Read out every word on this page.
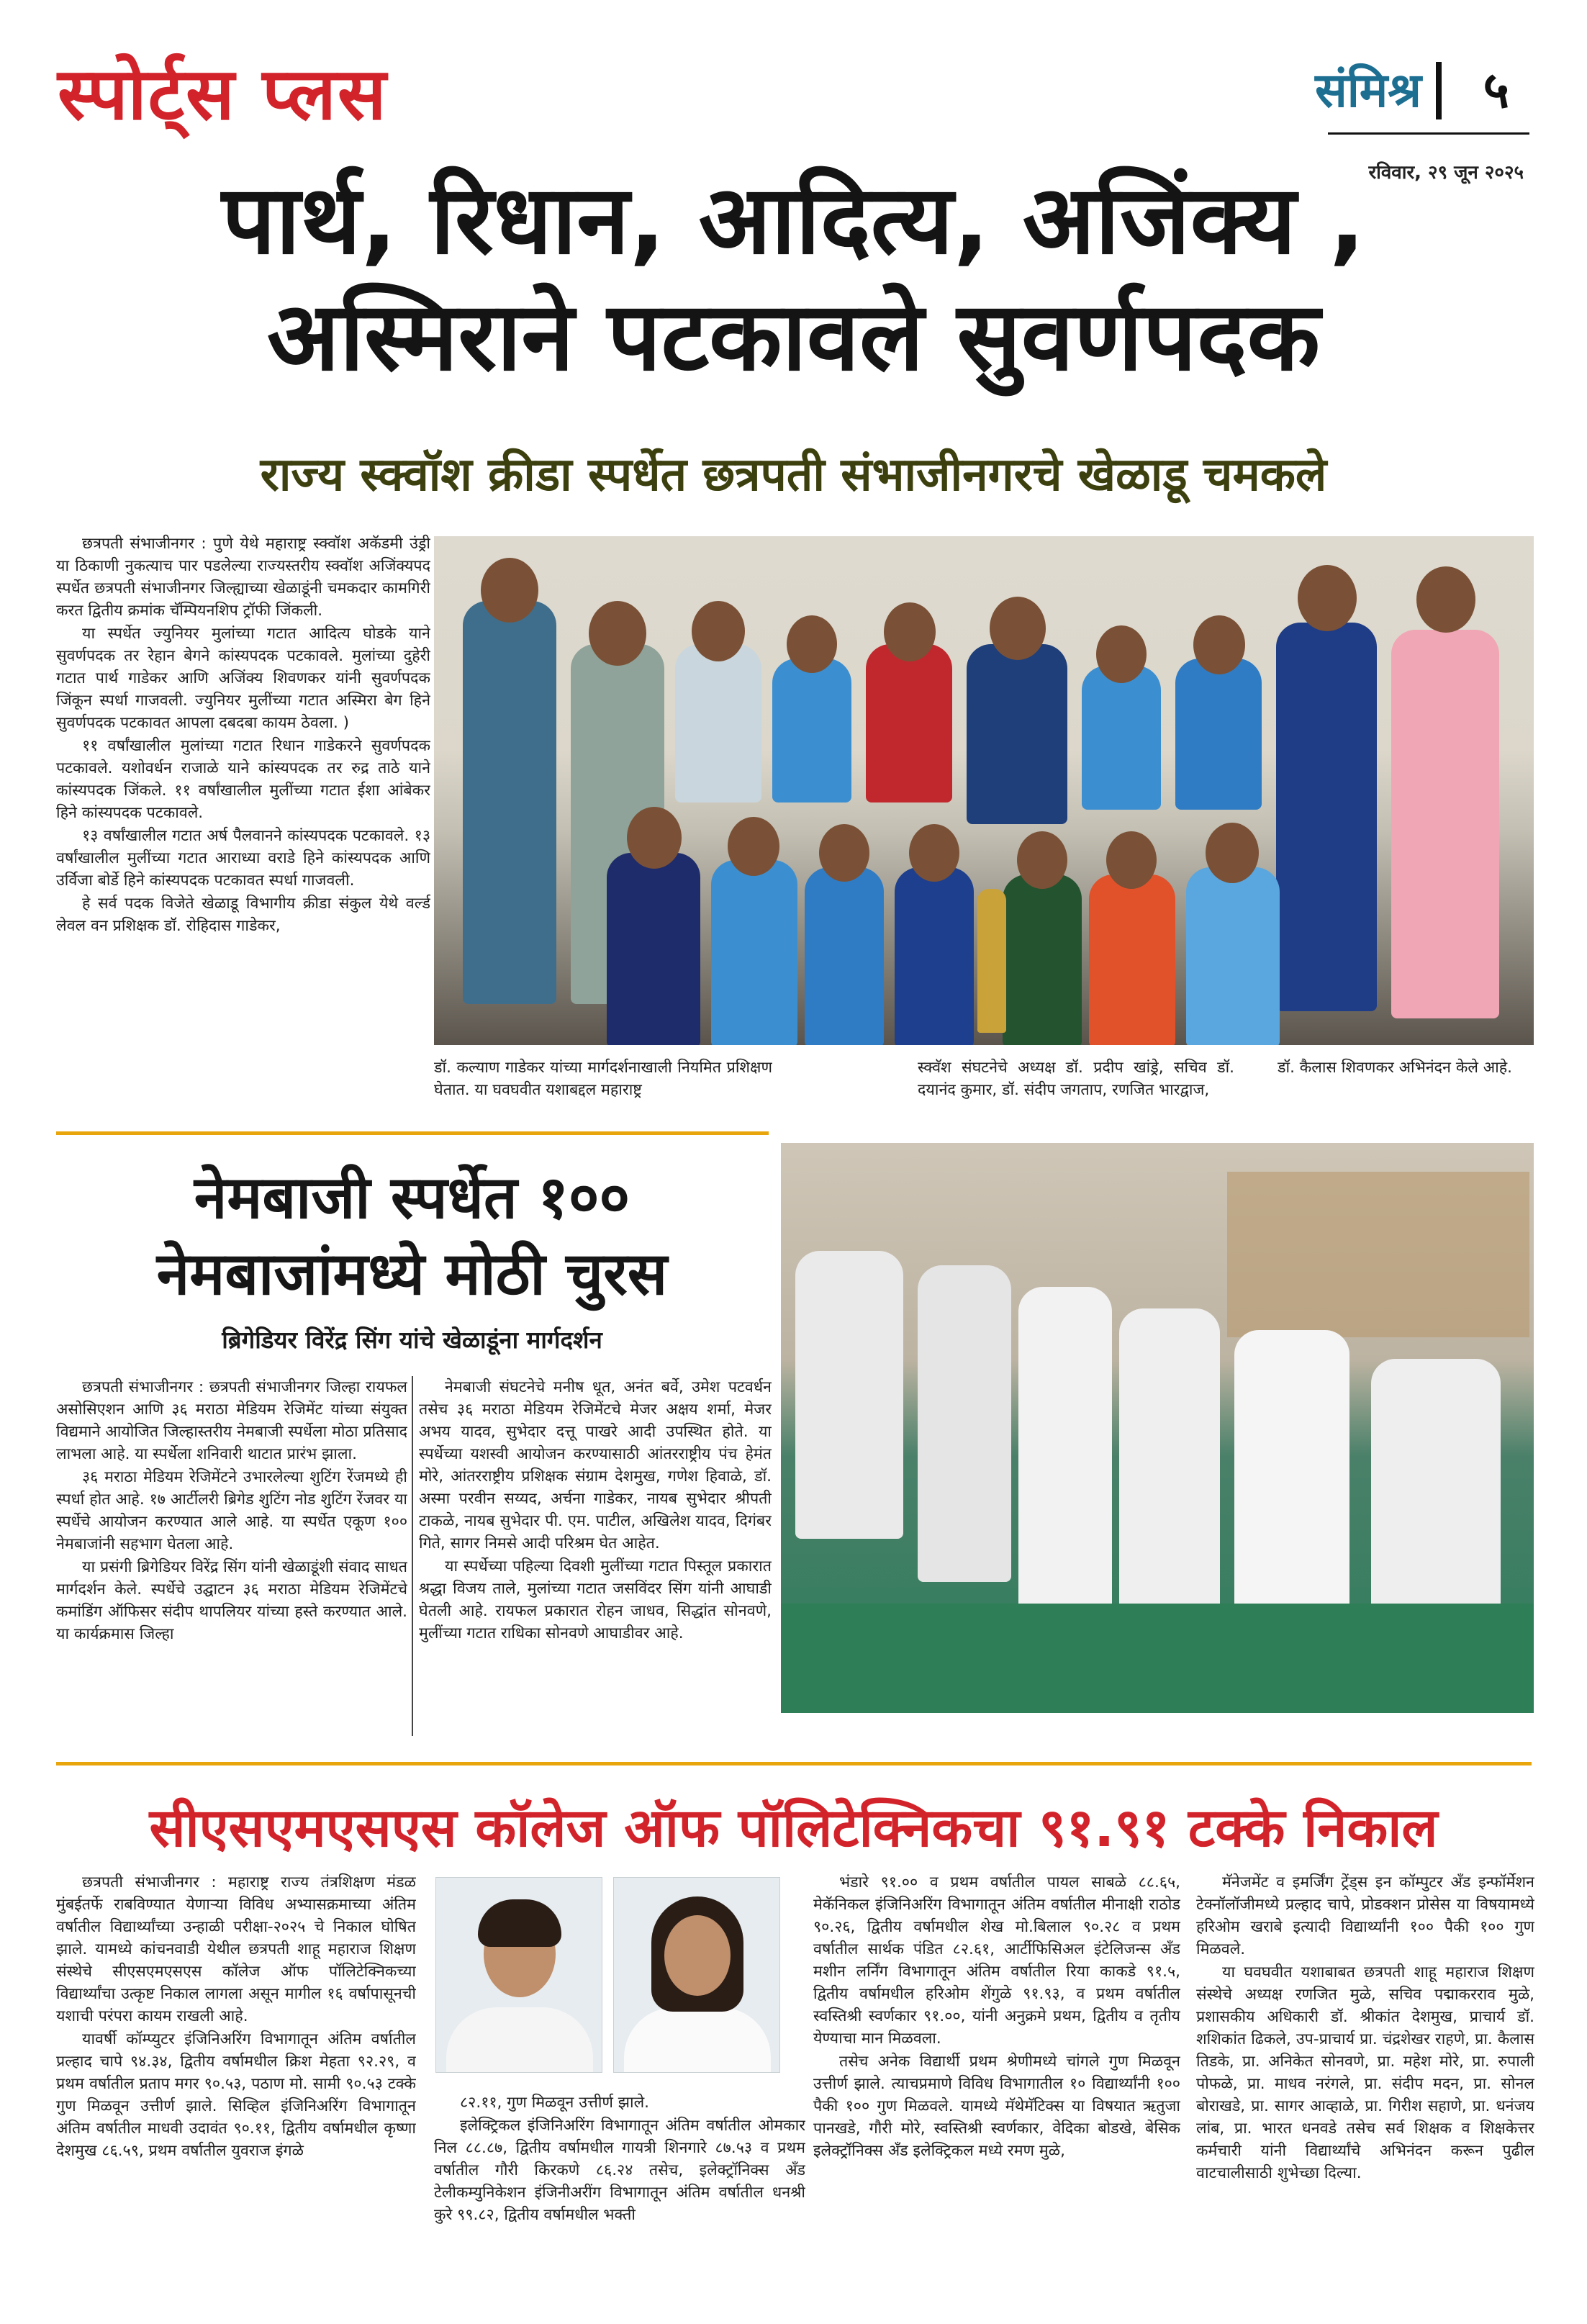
स्पोर्ट्स प्लस	संमिश्र ५
रविवार, २९ जून २०२५
पार्थ, रिधान, आदित्य, अजिंक्य ,
अस्मिराने पटकावले सुवर्णपदक
राज्य स्क्वॉश क्रीडा स्पर्धेत छत्रपती संभाजीनगरचे खेळाडू चमकले

छत्रपती संभाजीनगर : पुणे येथे महाराष्ट्र स्क्वॉश अकॅडमी उंड्री या ठिकाणी नुकत्याच पार पडलेल्या राज्यस्तरीय स्क्वॉश अजिंक्यपद स्पर्धेत छत्रपती संभाजीनगर जिल्ह्याच्या खेळाडूंनी चमकदार कामगिरी करत द्वितीय क्रमांक चॅम्पियनशिप ट्रॉफी जिंकली.

या स्पर्धेत ज्युनियर मुलांच्या गटात आदित्य घोडके याने सुवर्णपदक तर रेहान बेगने कांस्यपदक पटकावले. मुलांच्या दुहेरी गटात पार्थ गाडेकर आणि अजिंक्य शिवणकर यांनी सुवर्णपदक जिंकून स्पर्धा गाजवली. ज्युनियर मुलींच्या गटात अस्मिरा बेग हिने सुवर्णपदक पटकावत आपला दबदबा कायम ठेवला. )

११ वर्षांखालील मुलांच्या गटात रिधान गाडेकरने सुवर्णपदक पटकावले. यशोवर्धन राजाळे याने कांस्यपदक तर रुद्र ताठे याने कांस्यपदक जिंकले. ११ वर्षांखालील मुलींच्या गटात ईशा आंबेकर हिने कांस्यपदक पटकावले.

१३ वर्षांखालील गटात अर्ष पैलवानने कांस्यपदक पटकावले. १३ वर्षांखालील मुलींच्या गटात आराध्या वराडे हिने कांस्यपदक आणि उर्विजा बोर्डे हिने कांस्यपदक पटकावत स्पर्धा गाजवली.

हे सर्व पदक विजेते खेळाडू विभागीय क्रीडा संकुल येथे वर्ल्ड लेवल वन प्रशिक्षक डॉ. रोहिदास गाडेकर,

डॉ. कल्याण गाडेकर यांच्या मार्गदर्शनाखाली नियमित प्रशिक्षण घेतात. या घवघवीत यशाबद्दल महाराष्ट्र
स्क्वॅश संघटनेचे अध्यक्ष डॉ. प्रदीप खांड्रे, सचिव डॉ. दयानंद कुमार, डॉ. संदीप जगताप, रणजित भारद्वाज,
डॉ. कैलास शिवणकर अभिनंदन केले आहे.
नेमबाजी स्पर्धेत १००
नेमबाजांमध्ये मोठी चुरस
ब्रिगेडियर विरेंद्र सिंग यांचे खेळाडूंना मार्गदर्शन

छत्रपती संभाजीनगर : छत्रपती संभाजीनगर जिल्हा रायफल असोसिएशन आणि ३६ मराठा मेडियम रेजिमेंट यांच्या संयुक्त विद्यमाने आयोजित जिल्हास्तरीय नेमबाजी स्पर्धेला मोठा प्रतिसाद लाभला आहे. या स्पर्धेला शनिवारी थाटात प्रारंभ झाला.

३६ मराठा मेडियम रेजिमेंटने उभारलेल्या शुटिंग रेंजमध्ये ही स्पर्धा होत आहे. १७ आर्टीलरी ब्रिगेड शुटिंग नोड शुटिंग रेंजवर या स्पर्धेचे आयोजन करण्यात आले आहे. या स्पर्धेत एकूण १०० नेमबाजांनी सहभाग घेतला आहे.

या प्रसंगी ब्रिगेडियर विरेंद्र सिंग यांनी खेळाडूंशी संवाद साधत मार्गदर्शन केले. स्पर्धेचे उद्घाटन ३६ मराठा मेडियम रेजिमेंटचे कमांडिंग ऑफिसर संदीप थापलियर यांच्या हस्ते करण्यात आले. या कार्यक्रमास जिल्हा

नेमबाजी संघटनेचे मनीष धूत, अनंत बर्वे, उमेश पटवर्धन तसेच ३६ मराठा मेडियम रेजिमेंटचे मेजर अक्षय शर्मा, मेजर अभय यादव, सुभेदार दत्तू पाखरे आदी उपस्थित होते. या स्पर्धेच्या यशस्वी आयोजन करण्यासाठी आंतरराष्ट्रीय पंच हेमंत मोरे, आंतरराष्ट्रीय प्रशिक्षक संग्राम देशमुख, गणेश हिवाळे, डॉ. अस्मा परवीन सय्यद, अर्चना गाडेकर, नायब सुभेदार श्रीपती टाकळे, नायब सुभेदार पी. एम. पाटील, अखिलेश यादव, दिगंबर गिते, सागर निमसे आदी परिश्रम घेत आहेत.

या स्पर्धेच्या पहिल्या दिवशी मुलींच्या गटात पिस्तूल प्रकारात श्रद्धा विजय ताले, मुलांच्या गटात जसविंदर सिंग यांनी आघाडी घेतली आहे. रायफल प्रकारात रोहन जाधव, सिद्धांत सोनवणे, मुलींच्या गटात राधिका सोनवणे आघाडीवर आहे.

सीएसएमएसएस कॉलेज ऑफ पॉलिटेक्निकचा ९१.९१ टक्के निकाल

छत्रपती संभाजीनगर : महाराष्ट्र राज्य तंत्रशिक्षण मंडळ मुंबईतर्फे राबविण्यात येणाऱ्या विविध अभ्यासक्रमाच्या अंतिम वर्षातील विद्यार्थ्यांच्या उन्हाळी परीक्षा-२०२५ चे निकाल घोषित झाले. यामध्ये कांचनवाडी येथील छत्रपती शाहू महाराज शिक्षण संस्थेचे सीएसएमएसएस कॉलेज ऑफ पॉलिटेक्निकच्या विद्यार्थ्यांचा उत्कृष्ट निकाल लागला असून मागील १६ वर्षापासूनची यशाची परंपरा कायम राखली आहे.

यावर्षी कॉम्प्युटर इंजिनिअरिंग विभागातून अंतिम वर्षातील प्रल्हाद चापे ९४.३४, द्वितीय वर्षामधील क्रिश मेहता ९२.२९, व प्रथम वर्षातील प्रताप मगर ९०.५३, पठाण मो. सामी ९०.५३ टक्के गुण मिळवून उत्तीर्ण झाले. सिव्हिल इंजिनिअरिंग विभागातून अंतिम वर्षातील माधवी उदावंत ९०.११, द्वितीय वर्षामधील कृष्णा देशमुख ८६.५९, प्रथम वर्षातील युवराज इंगळे

८२.११, गुण मिळवून उत्तीर्ण झाले.

इलेक्ट्रिकल इंजिनिअरिंग विभागातून अंतिम वर्षातील ओमकार निल ८८.८७, द्वितीय वर्षामधील गायत्री शिनगारे ८७.५३ व प्रथम वर्षातील गौरी किरकणे ८६.२४ तसेच, इलेक्ट्रॉनिक्स अँड टेलीकम्युनिकेशन इंजिनीअरींग विभागातून अंतिम वर्षातील धनश्री कुरे ९९.८२, द्वितीय वर्षामधील भक्ती

भंडारे ९१.०० व प्रथम वर्षातील पायल साबळे ८८.६५, मेकॅनिकल इंजिनिअरिंग विभागातून अंतिम वर्षातील मीनाक्षी राठोड ९०.२६, द्वितीय वर्षामधील शेख मो.बिलाल ९०.२८ व प्रथम वर्षातील सार्थक पंडित ८२.६१, आर्टीफिसिअल इंटेलिजन्स अँड मशीन लर्निंग विभागातून अंतिम वर्षातील रिया काकडे ९१.५, द्वितीय वर्षामधील हरिओम शेंगुळे ९१.९३, व प्रथम वर्षातील स्वस्तिश्री स्वर्णकार ९१.००, यांनी अनुक्रमे प्रथम, द्वितीय व तृतीय येण्याचा मान मिळवला.

तसेच अनेक विद्यार्थी प्रथम श्रेणीमध्ये चांगले गुण मिळवून उत्तीर्ण झाले. त्याचप्रमाणे विविध विभागातील १० विद्यार्थ्यांनी १०० पैकी १०० गुण मिळवले. यामध्ये मॅथेमॅटिक्स या विषयात ऋतुजा पानखडे, गौरी मोरे, स्वस्तिश्री स्वर्णकार, वेदिका बोडखे, बेसिक इलेक्ट्रॉनिक्स अँड इलेक्ट्रिकल मध्ये रमण मुळे,

मॅनेजमेंट व इमर्जिंग ट्रेंड्स इन कॉम्पुटर अँड इन्फॉर्मेशन टेक्नॉलॉजीमध्ये प्रल्हाद चापे, प्रोडक्शन प्रोसेस या विषयामध्ये हरिओम खराबे इत्यादी विद्यार्थ्यांनी १०० पैकी १०० गुण मिळवले.

या घवघवीत यशाबाबत छत्रपती शाहू महाराज शिक्षण संस्थेचे अध्यक्ष रणजित मुळे, सचिव पद्माकरराव मुळे, प्रशासकीय अधिकारी डॉ. श्रीकांत देशमुख, प्राचार्य डॉ. शशिकांत ढिकले, उप-प्राचार्य प्रा. चंद्रशेखर राहणे, प्रा. कैलास तिडके, प्रा. अनिकेत सोनवणे, प्रा. महेश मोरे, प्रा. रुपाली पोफळे, प्रा. माधव नरंगले, प्रा. संदीप मदन, प्रा. सोनल बोराखडे, प्रा. सागर आव्हाळे, प्रा. गिरीश सहाणे, प्रा. धनंजय लांब, प्रा. भारत धनवडे तसेच सर्व शिक्षक व शिक्षकेत्तर कर्मचारी यांनी विद्यार्थ्यांचे अभिनंदन करून पुढील वाटचालीसाठी शुभेच्छा दिल्या.
